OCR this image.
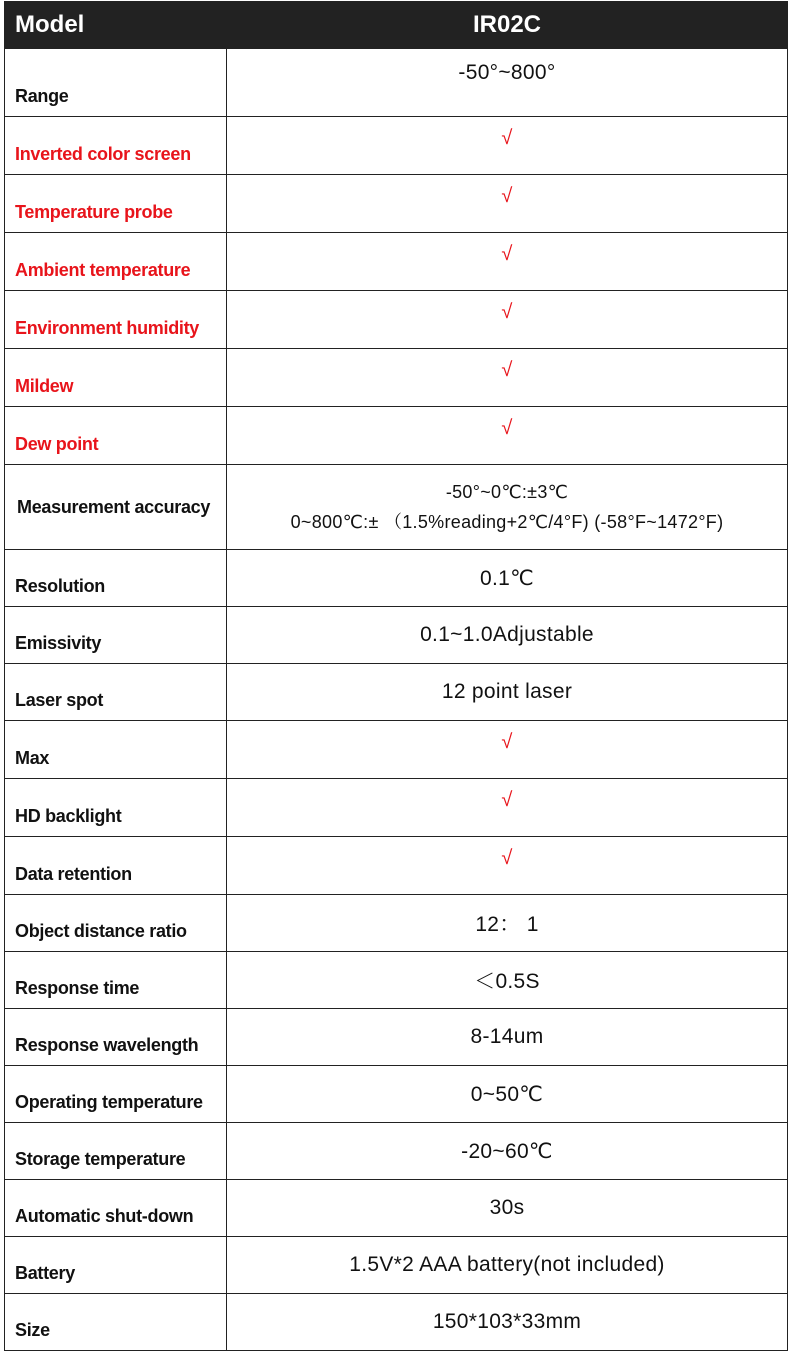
Model	IR02C
Range	-50°~800°
Inverted color screen	√
Temperature probe	√
Ambient temperature	√
Environment humidity	√
Mildew	√
Dew point	√
Measurement accuracy	-50°~0℃:±3℃
0~800℃:± （1.5%reading+2℃/4°F) (-58°F~1472°F)

Resolution	0.1℃
Emissivity	0.1~1.0Adjustable
Laser spot	12 point laser
Max	√
HD backlight	√
Data retention	√
Object distance ratio	12： 1
Response time	＜0.5S
Response wavelength	8-14um
Operating temperature	0~50℃
Storage temperature	-20~60℃
Automatic shut-down	30s
Battery	1.5V*2 AAA battery(not included)
Size	150*103*33mm
